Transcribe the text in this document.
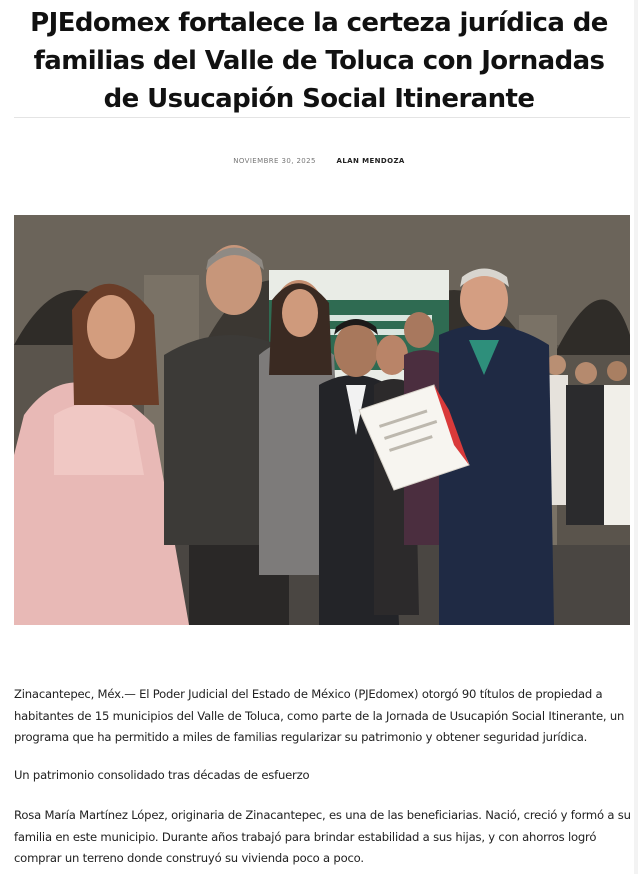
PJEdomex fortalece la certeza jurídica de familias del Valle de Toluca con Jornadas de Usucapión Social Itinerante
NOVIEMBRE 30, 2025	ALAN MENDOZA

Zinacantepec, Méx.— El Poder Judicial del Estado de México (PJEdomex) otorgó 90 títulos de propiedad a habitantes de 15 municipios del Valle de Toluca, como parte de la Jornada de Usucapión Social Itinerante, un programa que ha permitido a miles de familias regularizar su patrimonio y obtener seguridad jurídica.

Un patrimonio consolidado tras décadas de esfuerzo

Rosa María Martínez López, originaria de Zinacantepec, es una de las beneficiarias. Nació, creció y formó a su familia en este municipio. Durante años trabajó para brindar estabilidad a sus hijas, y con ahorros logró comprar un terreno donde construyó su vivienda poco a poco.
